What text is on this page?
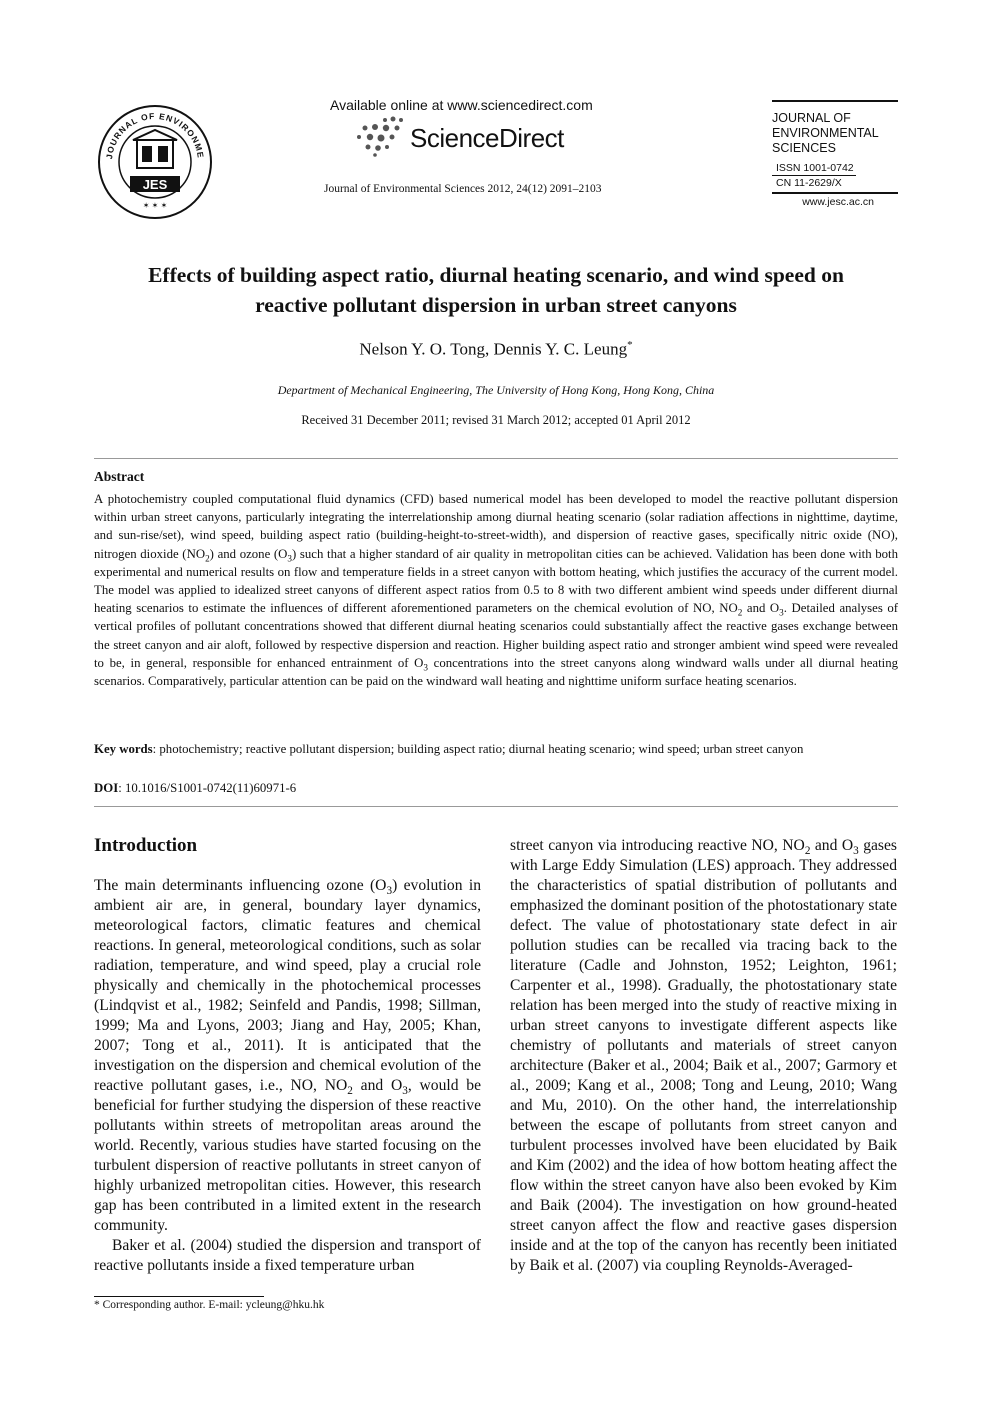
JOURNAL OF ENVIRONME
JES
✶ ✶ ✶
Available online at www.sciencedirect.com
ScienceDirect
Journal of Environmental Sciences 2012, 24(12) 2091–2103
JOURNAL OF
ENVIRONMENTAL
SCIENCES
ISSN 1001-0742
CN 11-2629/X
www.jesc.ac.cn
Effects of building aspect ratio, diurnal heating scenario, and wind speed on
reactive pollutant dispersion in urban street canyons
Nelson Y. O. Tong, Dennis Y. C. Leung*
Department of Mechanical Engineering, The University of Hong Kong, Hong Kong, China
Received 31 December 2011; revised 31 March 2012; accepted 01 April 2012
Abstract
A photochemistry coupled computational fluid dynamics (CFD) based numerical model has been developed to model the reactive pollutant dispersion within urban street canyons, particularly integrating the interrelationship among diurnal heating scenario (solar radiation affections in nighttime, daytime, and sun-rise/set), wind speed, building aspect ratio (building-height-to-street-width), and dispersion of reactive gases, specifically nitric oxide (NO), nitrogen dioxide $(NO_2)$ and ozone $(O_3)$ such that a higher standard of air quality in metropolitan cities can be achieved. Validation has been done with both experimental and numerical results on flow and temperature fields in a street canyon with bottom heating, which justifies the accuracy of the current model. The model was applied to idealized street canyons of different aspect ratios from 0.5 to 8 with two different ambient wind speeds under different diurnal heating scenarios to estimate the influences of different aforementioned parameters on the chemical evolution of NO, $NO_2$ and $O_3$. Detailed analyses of vertical profiles of pollutant concentrations showed that different diurnal heating scenarios could substantially affect the reactive gases exchange between the street canyon and air aloft, followed by respective dispersion and reaction. Higher building aspect ratio and stronger ambient wind speed were revealed to be, in general, responsible for enhanced entrainment of $O_3$ concentrations into the street canyons along windward walls under all diurnal heating scenarios. Comparatively, particular attention can be paid on the windward wall heating and nighttime uniform surface heating scenarios.
Key words: photochemistry; reactive pollutant dispersion; building aspect ratio; diurnal heating scenario; wind speed; urban street canyon
DOI: 10.1016/S1001-0742(11)60971-6
Introduction

The main determinants influencing ozone $(O_3)$ evolution in ambient air are, in general, boundary layer dynamics, meteorological factors, climatic features and chemical reactions. In general, meteorological conditions, such as solar radiation, temperature, and wind speed, play a crucial role physically and chemically in the photochemical processes (Lindqvist et al., 1982; Seinfeld and Pandis, 1998; Sillman, 1999; Ma and Lyons, 2003; Jiang and Hay, 2005; Khan, 2007; Tong et al., 2011). It is anticipated that the investigation on the dispersion and chemical evolution of the reactive pollutant gases, i.e., NO, $NO_2$ and $O_3$, would be beneficial for further studying the dispersion of these reactive pollutants within streets of metropolitan areas around the world. Recently, various studies have started focusing on the turbulent dispersion of reactive pollutants in street canyon of highly urbanized metropolitan cities. However, this research gap has been contributed in a limited extent in the research community.

Baker et al. (2004) studied the dispersion and transport of reactive pollutants inside a fixed temperature urban

street canyon via introducing reactive NO, $NO_2$ and $O_3$ gases with Large Eddy Simulation (LES) approach. They addressed the characteristics of spatial distribution of pollutants and emphasized the dominant position of the photostationary state defect. The value of photostationary state defect in air pollution studies can be recalled via tracing back to the literature (Cadle and Johnston, 1952; Leighton, 1961; Carpenter et al., 1998). Gradually, the photostationary state relation has been merged into the study of reactive mixing in urban street canyons to investigate different aspects like chemistry of pollutants and materials of street canyon architecture (Baker et al., 2004; Baik et al., 2007; Garmory et al., 2009; Kang et al., 2008; Tong and Leung, 2010; Wang and Mu, 2010). On the other hand, the interrelationship between the escape of pollutants from street canyon and turbulent processes involved have been elucidated by Baik and Kim (2002) and the idea of how bottom heating affect the flow within the street canyon have also been evoked by Kim and Baik (2004). The investigation on how ground-heated street canyon affect the flow and reactive gases dispersion inside and at the top of the canyon has recently been initiated by Baik et al. (2007) via coupling Reynolds-Averaged-

* Corresponding author. E-mail: ycleung@hku.hk
